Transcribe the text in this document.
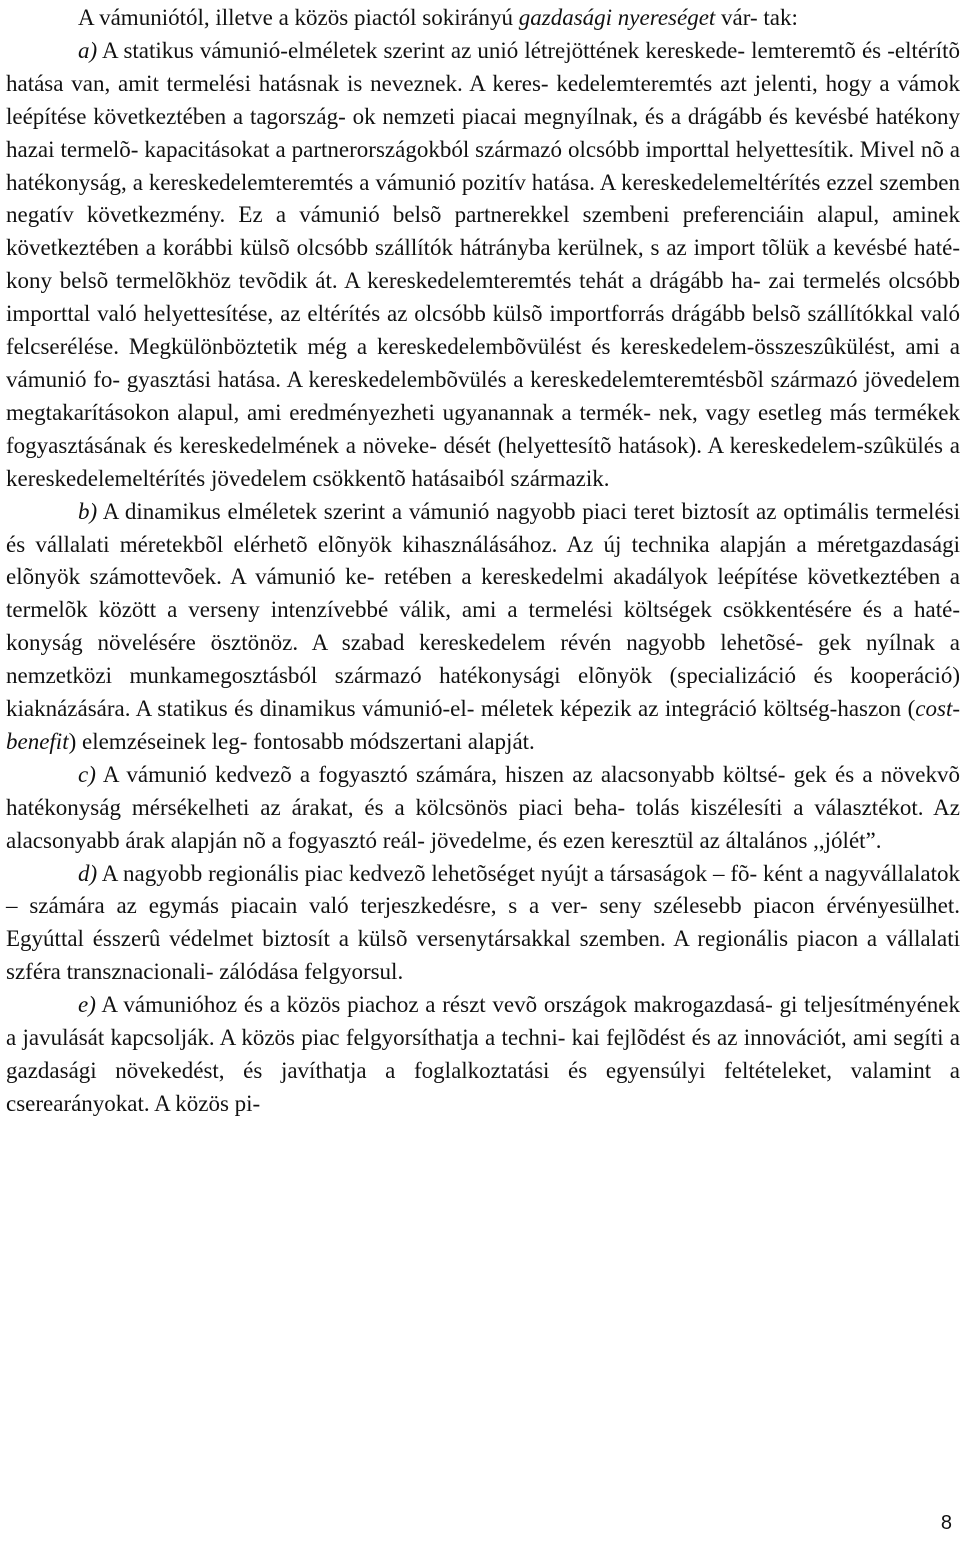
A vámuniótól, illetve a közös piactól sokirányú gazdasági nyereséget vár- tak:

a) A statikus vámunió-elméletek szerint az unió létrejöttének kereskede- lemteremtõ és -eltérítõ hatása van, amit termelési hatásnak is neveznek. A keres- kedelemteremtés azt jelenti, hogy a vámok leépítése következtében a tagország- ok nemzeti piacai megnyílnak, és a drágább és kevésbé hatékony hazai termelõ- kapacitásokat a partnerországokból származó olcsóbb importtal helyettesítik. Mivel nõ a hatékonyság, a kereskedelemteremtés a vámunió pozitív hatása. A kereskedelemeltérítés ezzel szemben negatív következmény. Ez a vámunió belsõ partnerekkel szembeni preferenciáin alapul, aminek következtében a korábbi külsõ olcsóbb szállítók hátrányba kerülnek, s az import tõlük a kevésbé haté- kony belsõ termelõkhöz tevõdik át. A kereskedelemteremtés tehát a drágább ha- zai termelés olcsóbb importtal való helyettesítése, az eltérítés az olcsóbb külsõ importforrás drágább belsõ szállítókkal való felcserélése. Megkülönböztetik még a kereskedelembõvülést és kereskedelem-összeszûkülést, ami a vámunió fo- gyasztási hatása. A kereskedelembõvülés a kereskedelemteremtésbõl származó jövedelem megtakarításokon alapul, ami eredményezheti ugyanannak a termék- nek, vagy esetleg más termékek fogyasztásának és kereskedelmének a növeke- dését (helyettesítõ hatások). A kereskedelem-szûkülés a kereskedelemeltérítés jövedelem csökkentõ hatásaiból származik.

b) A dinamikus elméletek szerint a vámunió nagyobb piaci teret biztosít az optimális termelési és vállalati méretekbõl elérhetõ elõnyök kihasználásához. Az új technika alapján a méretgazdasági elõnyök számottevõek. A vámunió ke- retében a kereskedelmi akadályok leépítése következtében a termelõk között a verseny intenzívebbé válik, ami a termelési költségek csökkentésére és a haté- konyság növelésére ösztönöz. A szabad kereskedelem révén nagyobb lehetõsé- gek nyílnak a nemzetközi munkamegosztásból származó hatékonysági elõnyök (specializáció és kooperáció) kiaknázására. A statikus és dinamikus vámunió-el- méletek képezik az integráció költség-haszon (cost-benefit) elemzéseinek leg- fontosabb módszertani alapját.

c) A vámunió kedvezõ a fogyasztó számára, hiszen az alacsonyabb költsé- gek és a növekvõ hatékonyság mérsékelheti az árakat, és a kölcsönös piaci beha- tolás kiszélesíti a választékot. Az alacsonyabb árak alapján nõ a fogyasztó reál- jövedelme, és ezen keresztül az általános ,,jólét”.

d) A nagyobb regionális piac kedvezõ lehetõséget nyújt a társaságok – fõ- ként a nagyvállalatok – számára az egymás piacain való terjeszkedésre, s a ver- seny szélesebb piacon érvényesülhet. Egyúttal ésszerû védelmet biztosít a külsõ versenytársakkal szemben. A regionális piacon a vállalati szféra transznacionali- zálódása felgyorsul.

e) A vámunióhoz és a közös piachoz a részt vevõ országok makrogazdasá- gi teljesítményének a javulását kapcsolják. A közös piac felgyorsíthatja a techni- kai fejlõdést és az innovációt, ami segíti a gazdasági növekedést, és javíthatja a foglalkoztatási és egyensúlyi feltételeket, valamint a cserearányokat. A közös pi-

8
